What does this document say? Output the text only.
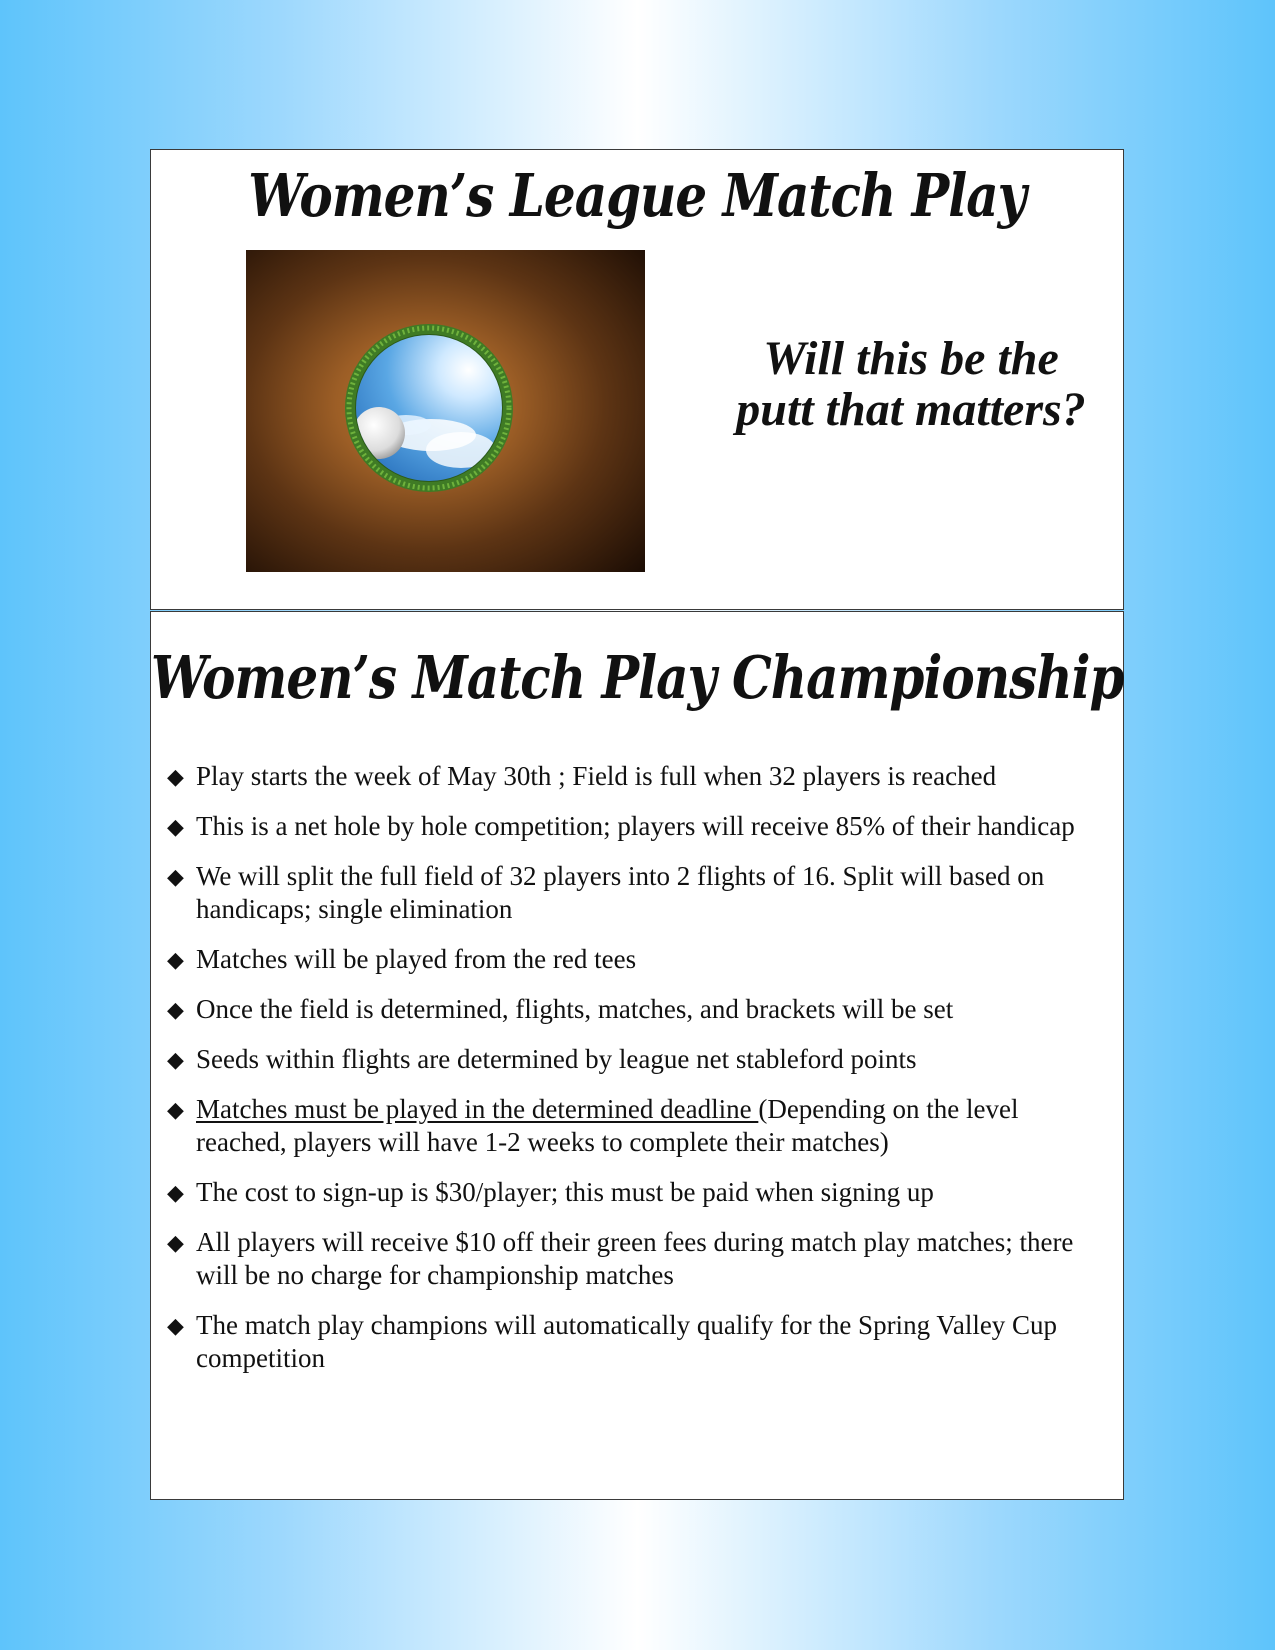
Women’s League Match Play
Will this be the
putt that matters?
Women’s Match Play Championship
◆ Play starts the week of May 30th ; Field is full when 32 players is reached
◆ This is a net hole by hole competition; players will receive 85% of their handicap
◆ We will split the full field of 32 players into 2 flights of 16. Split will based on handicaps; single elimination
◆ Matches will be played from the red tees
◆ Once the field is determined, flights, matches, and brackets will be set
◆ Seeds within flights are determined by league net stableford points
◆ Matches must be played in the determined deadline (Depending on the level reached, players will have 1-2 weeks to complete their matches)
◆ The cost to sign-up is $30/player; this must be paid when signing up
◆ All players will receive $10 off their green fees during match play matches; there will be no charge for championship matches
◆ The match play champions will automatically qualify for the Spring Valley Cup competition
